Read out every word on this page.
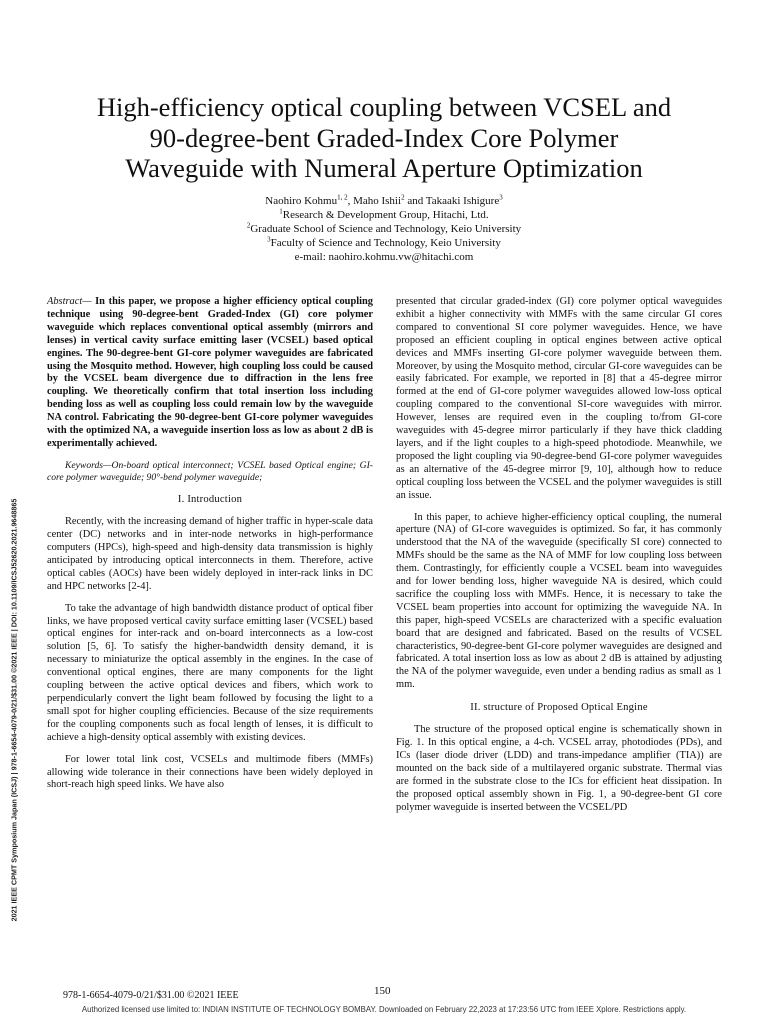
High-efficiency optical coupling between VCSEL and
90-degree-bent Graded-Index Core Polymer
Waveguide with Numeral Aperture Optimization
Naohiro Kohmu$^{1, 2}$, Maho Ishii$^2$ and Takaaki Ishigure$^3$
$^1$Research & Development Group, Hitachi, Ltd.
$^2$Graduate School of Science and Technology, Keio University
$^3$Faculty of Science and Technology, Keio University
e-mail: naohiro.kohmu.vw@hitachi.com

Abstract— In this paper, we propose a higher efficiency optical coupling technique using 90-degree-bent Graded-Index (GI) core polymer waveguide which replaces conventional optical assembly (mirrors and lenses) in vertical cavity surface emitting laser (VCSEL) based optical engines. The 90-degree-bent GI-core polymer waveguides are fabricated using the Mosquito method. However, high coupling loss could be caused by the VCSEL beam divergence due to diffraction in the lens free coupling. We theoretically confirm that total insertion loss including bending loss as well as coupling loss could remain low by the waveguide NA control. Fabricating the 90-degree-bent GI-core polymer waveguides with the optimized NA, a waveguide insertion loss as low as about 2 dB is experimentally achieved.

Keywords—On-board optical interconnect; VCSEL based Optical engine; GI-core polymer waveguide; 90°-bend polymer waveguide;

I. Introduction

Recently, with the increasing demand of higher traffic in hyper-scale data center (DC) networks and in inter-node networks in high-performance computers (HPCs), high-speed and high-density data transmission is highly anticipated by introducing optical interconnects in them. Therefore, active optical cables (AOCs) have been widely deployed in inter-rack links in DC and HPC networks [2-4].

To take the advantage of high bandwidth distance product of optical fiber links, we have proposed vertical cavity surface emitting laser (VCSEL) based optical engines for inter-rack and on-board interconnects as a low-cost solution [5, 6]. To satisfy the higher-bandwidth density demand, it is necessary to miniaturize the optical assembly in the engines. In the case of conventional optical engines, there are many components for the light coupling between the active optical devices and fibers, which work to perpendicularly convert the light beam followed by focusing the light to a small spot for higher coupling efficiencies. Because of the size requirements for the coupling components such as focal length of lenses, it is difficult to achieve a high-density optical assembly with existing devices.

For lower total link cost, VCSELs and multimode fibers (MMFs) allowing wide tolerance in their connections have been widely deployed in short-reach high speed links. We have also

presented that circular graded-index (GI) core polymer optical waveguides exhibit a higher connectivity with MMFs with the same circular GI cores compared to conventional SI core polymer waveguides. Hence, we have proposed an efficient coupling in optical engines between active optical devices and MMFs inserting GI-core polymer waveguide between them. Moreover, by using the Mosquito method, circular GI-core waveguides can be easily fabricated. For example, we reported in [8] that a 45-degree mirror formed at the end of GI-core polymer waveguides allowed low-loss optical coupling compared to the conventional SI-core waveguides with mirror. However, lenses are required even in the coupling to/from GI-core waveguides with 45-degree mirror particularly if they have thick cladding layers, and if the light couples to a high-speed photodiode. Meanwhile, we proposed the light coupling via 90-degree-bend GI-core polymer waveguides as an alternative of the 45-degree mirror [9, 10], although how to reduce optical coupling loss between the VCSEL and the polymer waveguides is still an issue.

In this paper, to achieve higher-efficiency optical coupling, the numeral aperture (NA) of GI-core waveguides is optimized. So far, it has commonly understood that the NA of the waveguide (specifically SI core) connected to MMFs should be the same as the NA of MMF for low coupling loss between them. Contrastingly, for efficiently couple a VCSEL beam into waveguides and for lower bending loss, higher waveguide NA is desired, which could sacrifice the coupling loss with MMFs. Hence, it is necessary to take the VCSEL beam properties into account for optimizing the waveguide NA. In this paper, high-speed VCSELs are characterized with a specific evaluation board that are designed and fabricated. Based on the results of VCSEL characteristics, 90-degree-bent GI-core polymer waveguides are designed and fabricated. A total insertion loss as low as about 2 dB is attained by adjusting the NA of the polymer waveguide, even under a bending radius as small as 1 mm.

II. structure of Proposed Optical Engine

The structure of the proposed optical engine is schematically shown in Fig. 1. In this optical engine, a 4-ch. VCSEL array, photodiodes (PDs), and ICs (laser diode driver (LDD) and trans-impedance amplifier (TIA)) are mounted on the back side of a multilayered organic substrate. Thermal vias are formed in the substrate close to the ICs for efficient heat dissipation. In the proposed optical assembly shown in Fig. 1, a 90-degree-bent GI core polymer waveguide is inserted between the VCSEL/PD

2021 IEEE CPMT Symposium Japan (ICSJ) | 978-1-6654-4079-0/21/$31.00 ©2021 IEEE | DOI: 10.1109/ICSJ52620.2021.9648865
978-1-6654-4079-0/21/$31.00 ©2021 IEEE	150
Authorized licensed use limited to: INDIAN INSTITUTE OF TECHNOLOGY BOMBAY. Downloaded on February 22,2023 at 17:23:56 UTC from IEEE Xplore. Restrictions apply.
